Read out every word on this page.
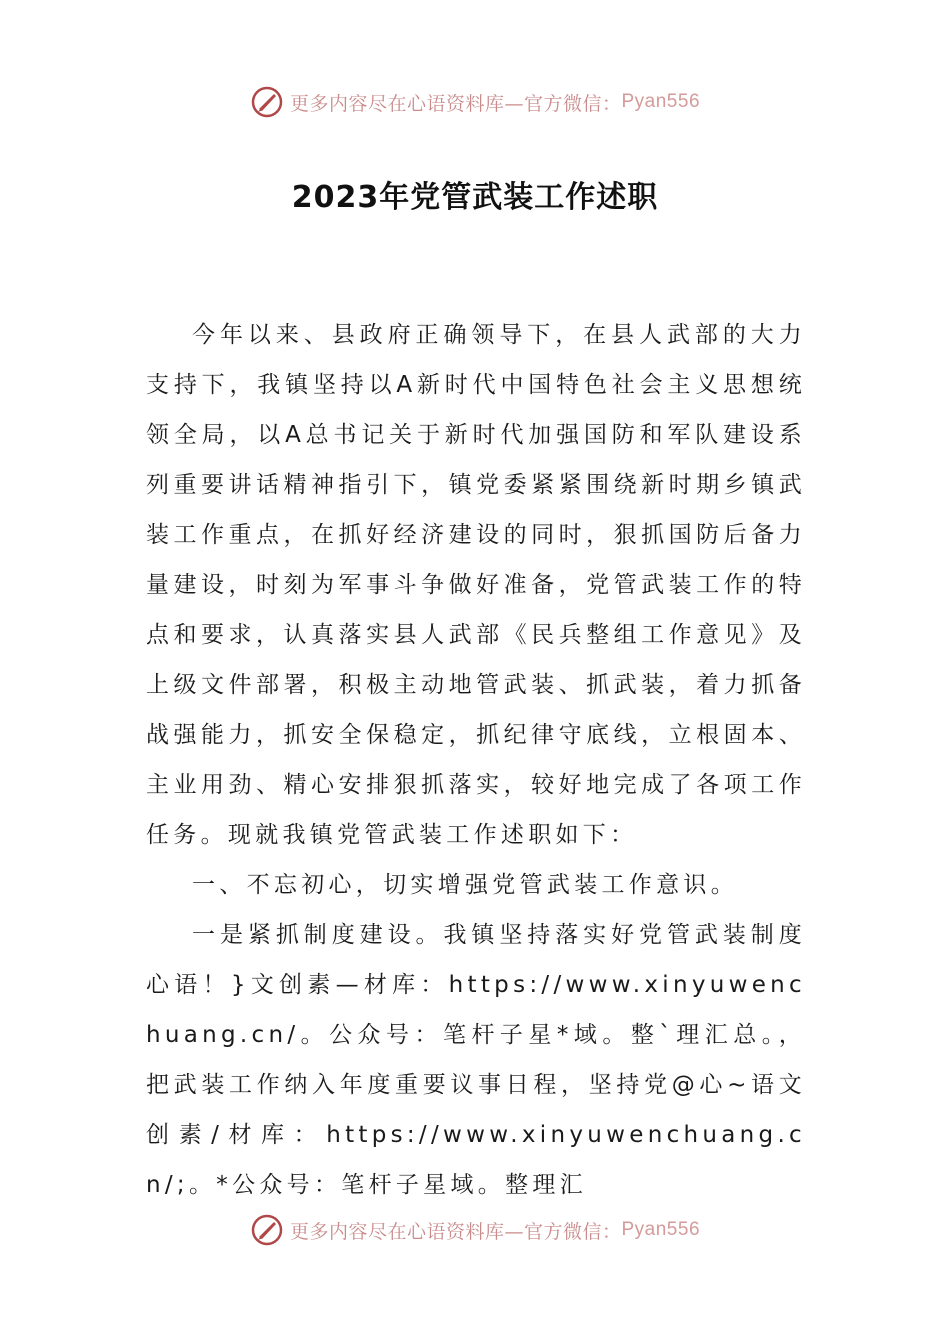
更多内容尽在心语资料库—官方微信： Pyan556
2023年党管武装工作述职

今年以来、县政府正确领导下，在县人武部的大力支持下，我镇坚持以A新时代中国特色社会主义思想统领全局，以A总书记关于新时代加强国防和军队建设系列重要讲话精神指引下，镇党委紧紧围绕新时期乡镇武装工作重点，在抓好经济建设的同时，狠抓国防后备力量建设，时刻为军事斗争做好准备，党管武装工作的特点和要求，认真落实县人武部《民兵整组工作意见》及上级文件部署，积极主动地管武装、抓武装，着力抓备战强能力，抓安全保稳定，抓纪律守底线，立根固本、主业用劲、精心安排狠抓落实，较好地完成了各项工作任务。现就我镇党管武装工作述职如下：

一、不忘初心，切实增强党管武装工作意识。

一是紧抓制度建设。我镇坚持落实好党管武装制度心语！}文创素—材库：https://www.xinyuwenchuang.cn/。公众号：笔杆子星*域。整`理汇总。，把武装工作纳入年度重要议事日程，坚持党@心~语文创素/材库：https://www.xinyuwenchuang.cn/;。*公众号：笔杆子星域。整理汇

更多内容尽在心语资料库—官方微信： Pyan556
